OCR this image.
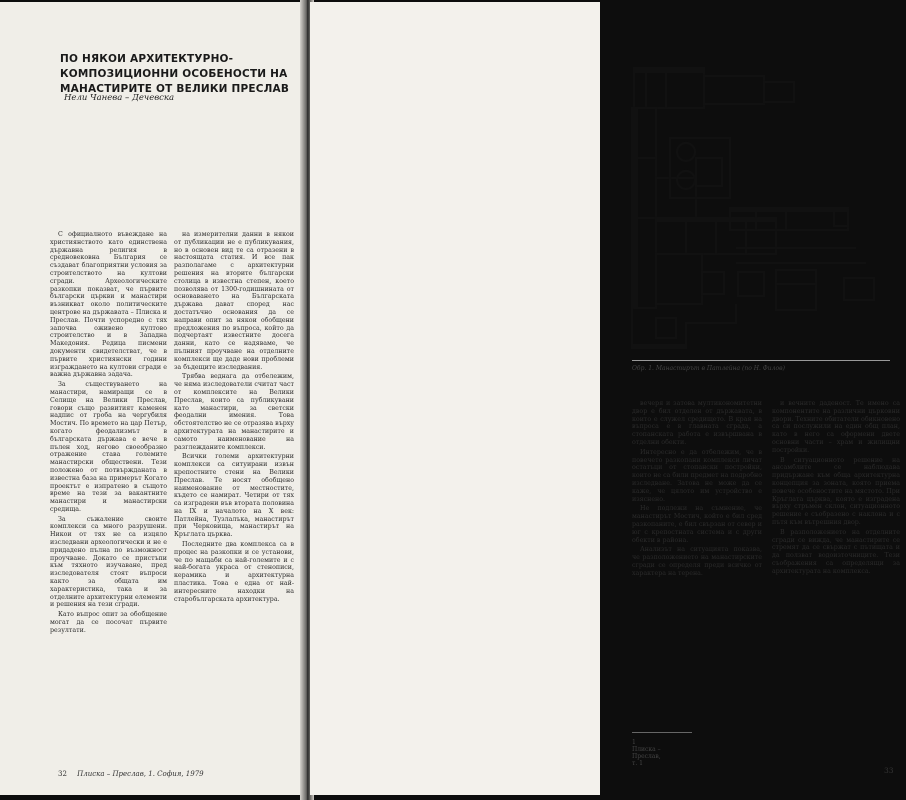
ПО НЯКОИ АРХИТЕКТУРНО-КОМПОЗИЦИОННИ ОСОБЕНОСТИ НА МАНАСТИРИТЕ ОТ ВЕЛИКИ ПРЕСЛАВ
Нели Чанева – Дечевска

С официалното въвеждане на християнството като единствена държавна религия в средновековна България се създават благоприятни условия за строителството на култови сгради. Археологическите разкопки показват, че първите български църкви и манастири възникват около политическите центрове на държавата – Плиска и Преслав. Почти успоредно с тях започва оживено култово строителство и в Западна Македония. Редица писмени документи свидетелстват, че в първите християнски години изграждането на култови сгради е важна държавна задача.

За съществуването на манастири, намиращи се в Селище на Велики Преслав, говори също развитият каменен надпис от гроба на чергубиля Мостич. По времето на цар Петър, когато феодализмът в българската държава е вече в пълен ход, негово своеобразно отражение става големите манастирски обществени. Тези положено от потвържданата в известна база на примерът Когато проектът е изпратено в същото време на тези за вакантните манастири и манастирски средища.

За съжаление своите комплекси са много разрушени. Никои от тях не са изцяло изследвани археологически и не е придадено пълна по възможност проучване. Докато се пристъпи към тяхното изучаване, пред изследователя стоят въпроси както за общата им характеристика, така и за отделните архитектурни елементи и решения на тези сгради.

Като въпрос опит за обобщение могат да се посочат първите резултати.

на измерителни данни в някои от публикации не е публикувания, но в основен вид те са отразени в настоящата статия. И все пак разполагаме с архитектурни решения на вторите български столица в известна степен, което позволява от 1300-годишнината от основаването на Българската държава дават според нас достатъчно основания да се направи опит за някои обобщени предложения по въпроса, който да подчертаят известните досега данни, като се надяваме, че пълният проучване на отделните комплекси ще даде нови проблеми за бъдещите изследвания.

Трябва веднага да отбележим, че няма изследователи считат част от комплексите на Велики Преслав, които са публикувани като манастири, за светски феодални имения. Това обстоятелство не се отразява върху архитектурата на манастирите и самото наименование на разглежданите комплекси.

Всички големи архитектурни комплекси са ситуирани извън крепостните стени на Велики Преслав. Те носят обобщено наименование от местностите, където се намират. Четири от тях са изградени във втората половина на IX и началото на X век: Патлейна, Тузлалъка, манастирът при Черковища, манастирът на Кръглата църква.

Последните два комплекса са в процес на разкопки и се установи, че по мащаби са най-големите и с най-богата украса от стенописи, керамика и архитектурна пластика. Това е една от най-интересните находки на старобългарската архитектура.

32 Плиска – Преслав, 1. София, 1979
Обр. 1. Манастирът в Патлейна (по Н. Филов)

вечеря и затова мултикономитетни двор е бил отделен от държавата, в които е служел средището. В края на въпроса е в главната сграда, а стопанската работа е извършвана в отделни обекти.

Интересно е да отбележим, че в повечето разкопани комплекси личат остатъци от стопански постройки, които не са били предмет на подробно изследване. Затова не може да се каже, че цялото им устройство е изяснено.

Не подлежи на съмнение, че манастирът Мостич, който е бил сред разкопаните, е бил свързан от север и юг с крепостната система и с други обекти в района.

Анализът на ситуацията показва, че разположението на манастирските сгради се определя преди всичко от характера на терена.

и вечните даденост. Те имено са компонентите на различни църковни двори. Техните обитатели обикновено са си послужили на един общ план, като в него са оформени двете основни части – храм и жилищни постройки.

В ситуационното решение на ансамблите се наблюдава придържане към обща архитектурна концепция за зоната, която приема повече особеностите на мястото. При Кръглата църква, която е изградена върху стръмен склон, ситуационното решение е съобразено с наклона и с пътя към вътрешния двор.

В разположението на отделните сгради се вижда, че манастирите се стремят да се свържат с пътищата и да ползват водоизточниците. Тези съображения са определящи за архитектурата на комплекса.

1 Плиска – Преслав, т. 1
33
